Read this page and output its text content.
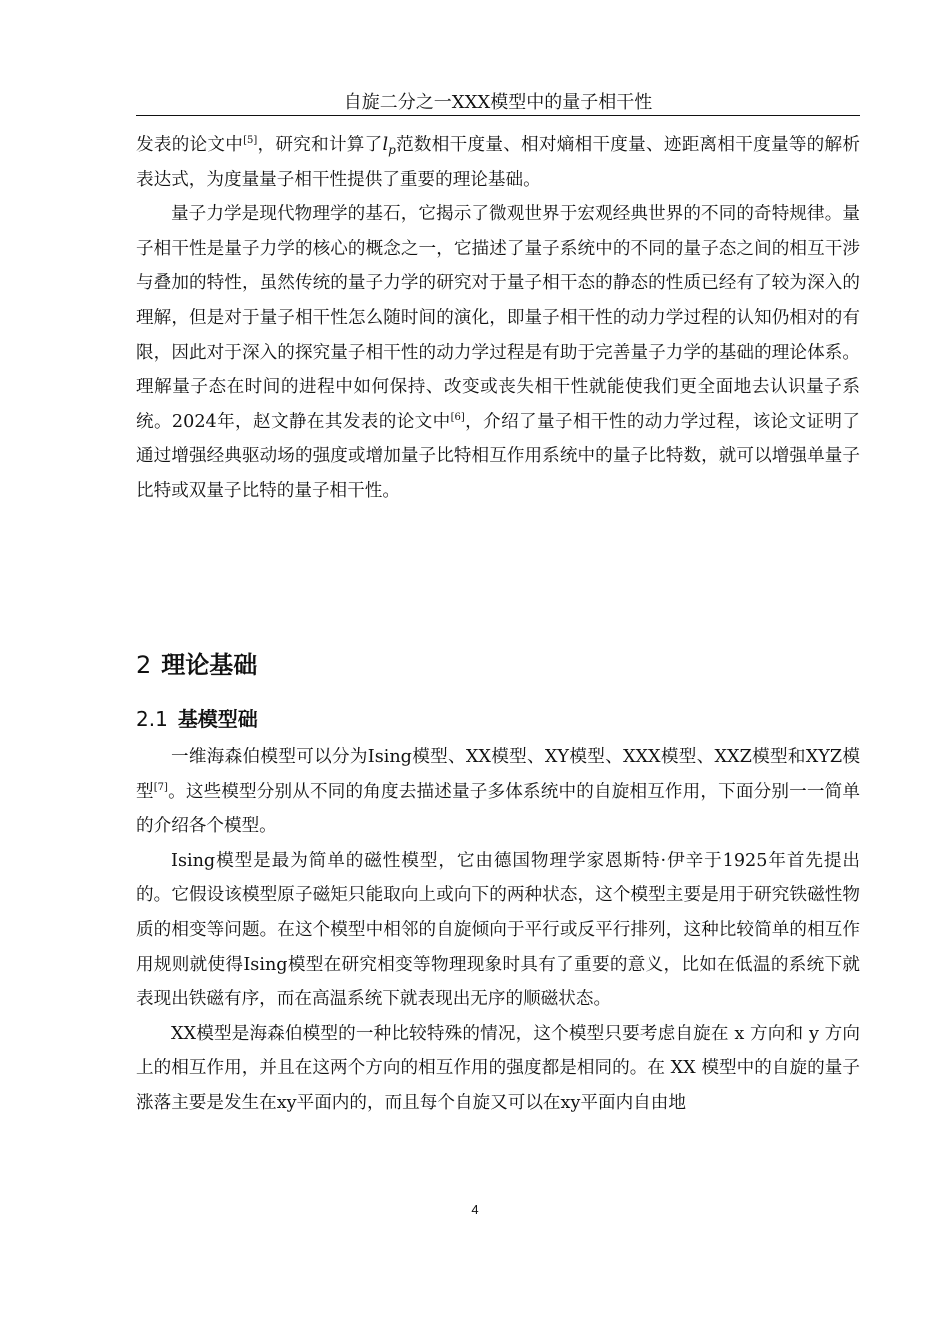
自旋二分之一XXX模型中的量子相干性

发表的论文中[5]，研究和计算了$l_p$范数相干度量、相对熵相干度量、迹距离相干度量等的解析表达式，为度量量子相干性提供了重要的理论基础。

量子力学是现代物理学的基石，它揭示了微观世界于宏观经典世界的不同的奇特规律。量子相干性是量子力学的核心的概念之一，它描述了量子系统中的不同的量子态之间的相互干涉与叠加的特性，虽然传统的量子力学的研究对于量子相干态的静态的性质已经有了较为深入的理解，但是对于量子相干性怎么随时间的演化，即量子相干性的动力学过程的认知仍相对的有限，因此对于深入的探究量子相干性的动力学过程是有助于完善量子力学的基础的理论体系。理解量子态在时间的进程中如何保持、改变或丧失相干性就能使我们更全面地去认识量子系统。2024年，赵文静在其发表的论文中[6]，介绍了量子相干性的动力学过程，该论文证明了通过增强经典驱动场的强度或增加量子比特相互作用系统中的量子比特数，就可以增强单量子比特或双量子比特的量子相干性。

2 理论基础
2.1 基模型础

一维海森伯模型可以分为Ising模型、XX模型、XY模型、XXX模型、XXZ模型和XYZ模型[7]。这些模型分别从不同的角度去描述量子多体系统中的自旋相互作用，下面分别一一简单的介绍各个模型。

Ising模型是最为简单的磁性模型，它由德国物理学家恩斯特·伊辛于1925年首先提出的。它假设该模型原子磁矩只能取向上或向下的两种状态，这个模型主要是用于研究铁磁性物质的相变等问题。在这个模型中相邻的自旋倾向于平行或反平行排列，这种比较简单的相互作用规则就使得Ising模型在研究相变等物理现象时具有了重要的意义，比如在低温的系统下就表现出铁磁有序，而在高温系统下就表现出无序的顺磁状态。

XX模型是海森伯模型的一种比较特殊的情况，这个模型只要考虑自旋在 x 方向和 y 方向上的相互作用，并且在这两个方向的相互作用的强度都是相同的。在 XX 模型中的自旋的量子涨落主要是发生在xy平面内的，而且每个自旋又可以在xy平面内自由地

4
